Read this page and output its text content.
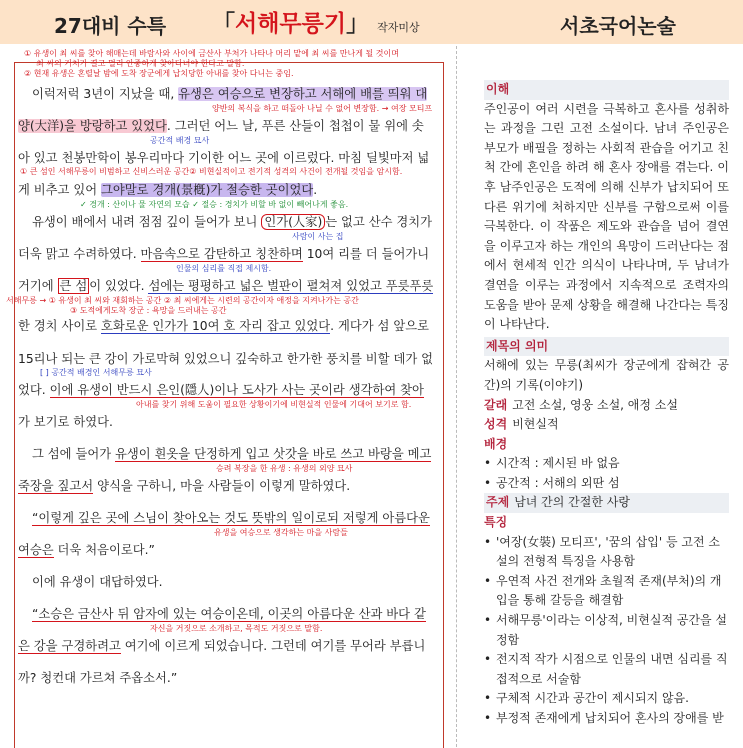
27대비 수특 「서해무릉기」 작자미상	서초국어논술
① 유생이 최 씨를 찾아 해매는데 바람사와 사이에 금산사 부처가 나타나 머리 맡에 최 씨를 만나게 될 것이며
최 씨의 거처가 결고 멀리 안중하게 찾아다녀야 한다고 말함.
② 현재 유생은 혼렬날 밤에 도착 장군에게 납치당한 아내를 찾아 다니는 중임.
이럭저럭 3년이 지났을 때, 유생은 여승으로 변장하고 서해에 배를 띄워 대
양반의 복식을 하고 떠돌아 나닐 수 없어 변장함. → 여장 모티프
양(大洋)을 방랑하고 있었다. 그러던 어느 날, 푸른 산들이 첩첩이 물 위에 솟
공간적 배경 묘사
아 있고 천봉만학이 봉우리마다 기이한 어느 곳에 이르렀다. 마침 딜빛마저 넓
① 큰 섬인 서해무릉이 비범하고 신비스러운 공간② 비현실적이고 전기적 성격의 사건이 전개될 것임을 암시함.
게 비추고 있어 그야말로 경개(景槪)가 절승한 곳이었다.
✓ 경개 : 산이나 물 자연의 모습 ✓ 절승 : 경치가 비할 바 없이 빼어나게 좋음.
유생이 배에서 내려 점점 깊이 들어가 보니 인가(人家) 는 없고 산수 경치가
사람이 사는 집
더욱 맑고 수려하였다. 마음속으로 감탄하고 칭찬하며 10여 리를 더 들어가니
인물의 심리를 직접 제시함.
거기에 큰 섬 이 있었다. 섬에는 평평하고 넓은 벌판이 펼쳐져 있었고 푸릇푸릇
서해무릉 → ① 유생이 최 씨와 재회하는 공간 ② 최 씨에게는 시련의 공간이자 애정을 지켜나가는 공간
③ 도적에게도착 장군 : 욕망을 드러내는 공간
한 경치 사이로 호화로운 인가가 10여 호 자리 잡고 있었다. 게다가 섬 앞으로
15리나 되는 큰 강이 가로막혀 있었으니 깊숙하고 한가한 풍치를 비할 데가 없
[ ] 공간적 배경인 서해무릉 묘사
었다. 이에 유생이 반드시 은인(隱人)이나 도사가 사는 곳이라 생각하여 찾아
아내를 찾기 위해 도움이 필요한 상황이기에 비현실적 인물에 기대어 보기로 함.
가 보기로 하였다.
그 섬에 들어가 유생이 흰옷을 단정하게 입고 삿갓을 바로 쓰고 바랑을 메고
승려 복장을 한 유생 : 유생의 외양 묘사
죽장을 짚고서 양식을 구하니, 마을 사람들이 이렇게 말하였다.
“이렇게 깊은 곳에 스님이 찾아오는 것도 뜻밖의 일이로되 저렇게 아름다운
유생을 여승으로 생각하는 마을 사람들
여승은 더욱 처음이로다.”
이에 유생이 대답하였다.
“소승은 금산사 뒤 암자에 있는 여승이온데, 이곳의 아름다운 산과 바다 같
자신을 거짓으로 소개하고, 목적도 거짓으로 말함.
은 강을 구경하려고 여기에 이르게 되었습니다. 그런데 여기를 무어라 부릅니
까? 청컨대 가르쳐 주옵소서.”
이해

주인공이 여러 시련을 극복하고 혼사를 성취하는 과정을 그린 고전 소설이다. 남녀 주인공은 부모가 배필을 정하는 사회적 관습을 어기고 친척 간에 혼인을 하려 해 혼사 장애를 겪는다. 이후 남주인공은 도적에 의해 신부가 납치되어 또 다른 위기에 처하지만 신부를 구함으로써 이를 극복한다. 이 작품은 제도와 관습을 넘어 결연을 이루고자 하는 개인의 욕망이 드러난다는 점에서 현세적 인간 의식이 나타나며, 두 남녀가 결연을 이루는 과정에서 지속적으로 조력자의 도움을 받아 문제 상황을 해결해 나간다는 특징이 나타난다.

제목의 의미

서해에 있는 무릉(최씨가 장군에게 잡혀간 공간)의 기록(이야기)

갈래 고전 소설, 영웅 소설, 애정 소설
성격 비현실적
배경
• 시간적 : 제시된 바 없음
• 공간적 : 서해의 외딴 섬
주제 남녀 간의 간절한 사랑
특징
• '여장(女裝) 모티프', '꿈의 삽입' 등 고전 소설의 전형적 특징을 사용함
• 우연적 사건 전개와 초월적 존재(부처)의 개입을 통해 갈등을 해결함
• 서해무릉'이라는 이상적, 비현실적 공간을 설정함
• 전지적 작가 시점으로 인물의 내면 심리를 직접적으로 서술함
• 구체적 시간과 공간이 제시되지 않음.
• 부정적 존재에게 납치되어 혼사의 장애를 받
